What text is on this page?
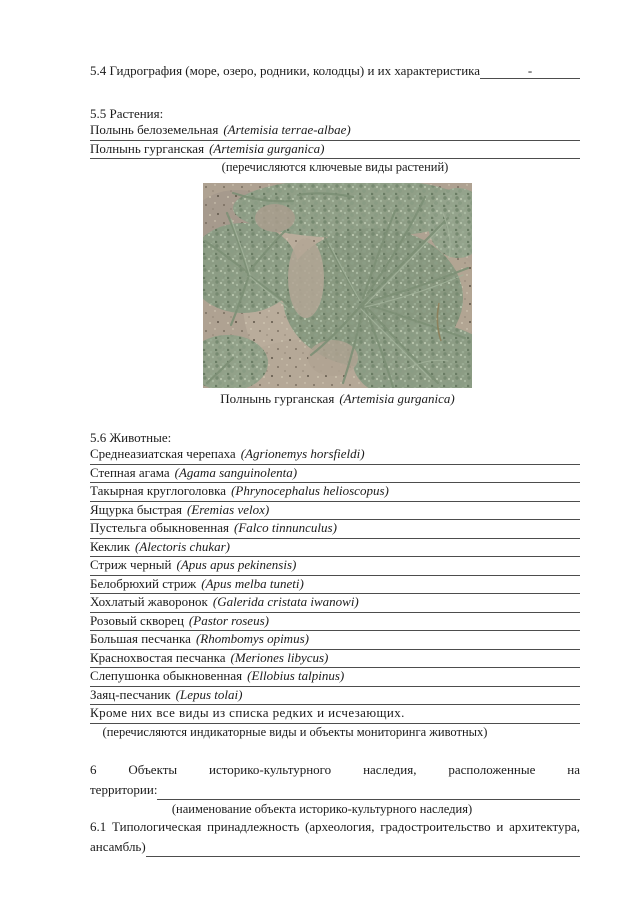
5.4 Гидрография (море, озеро, родники, колодцы) и их характеристика	-
5.5 Растения:
Полынь белоземельная (Artemisia terrae-albae)
Полнынь гурганская (Artemisia gurganica)
(перечисляются ключевые виды растений)
Полнынь гурганская (Artemisia gurganica)
5.6 Животные:
Среднеазиатская черепаха (Agrionemys horsfieldi)
Степная агама (Agama sanguinolenta)
Такырная круглоголовка (Phrynocephalus helioscopus)
Ящурка быстрая (Eremias velox)
Пустельга обыкновенная (Falco tinnunculus)
Кеклик (Alectoris chukar)
Стриж черный (Apus apus pekinensis)
Белобрюхий стриж (Apus melba tuneti)
Хохлатый жаворонок (Galerida cristata iwanowi)
Розовый скворец (Pastor roseus)
Большая песчанка (Rhombomys opimus)
Краснохвостая песчанка (Meriones libycus)
Слепушонка обыкновенная (Ellobius talpinus)
Заяц-песчаник (Lepus tolai)
Кроме них все виды из списка редких и исчезающих.
(перечисляются индикаторные виды и объекты мониторинга животных)
6 Объекты историко-культурного наследия, расположенные на
территории:
(наименование объекта историко-культурного наследия)
6.1 Типологическая принадлежность (археология, градостроительство и архитектура,
ансамбль)
